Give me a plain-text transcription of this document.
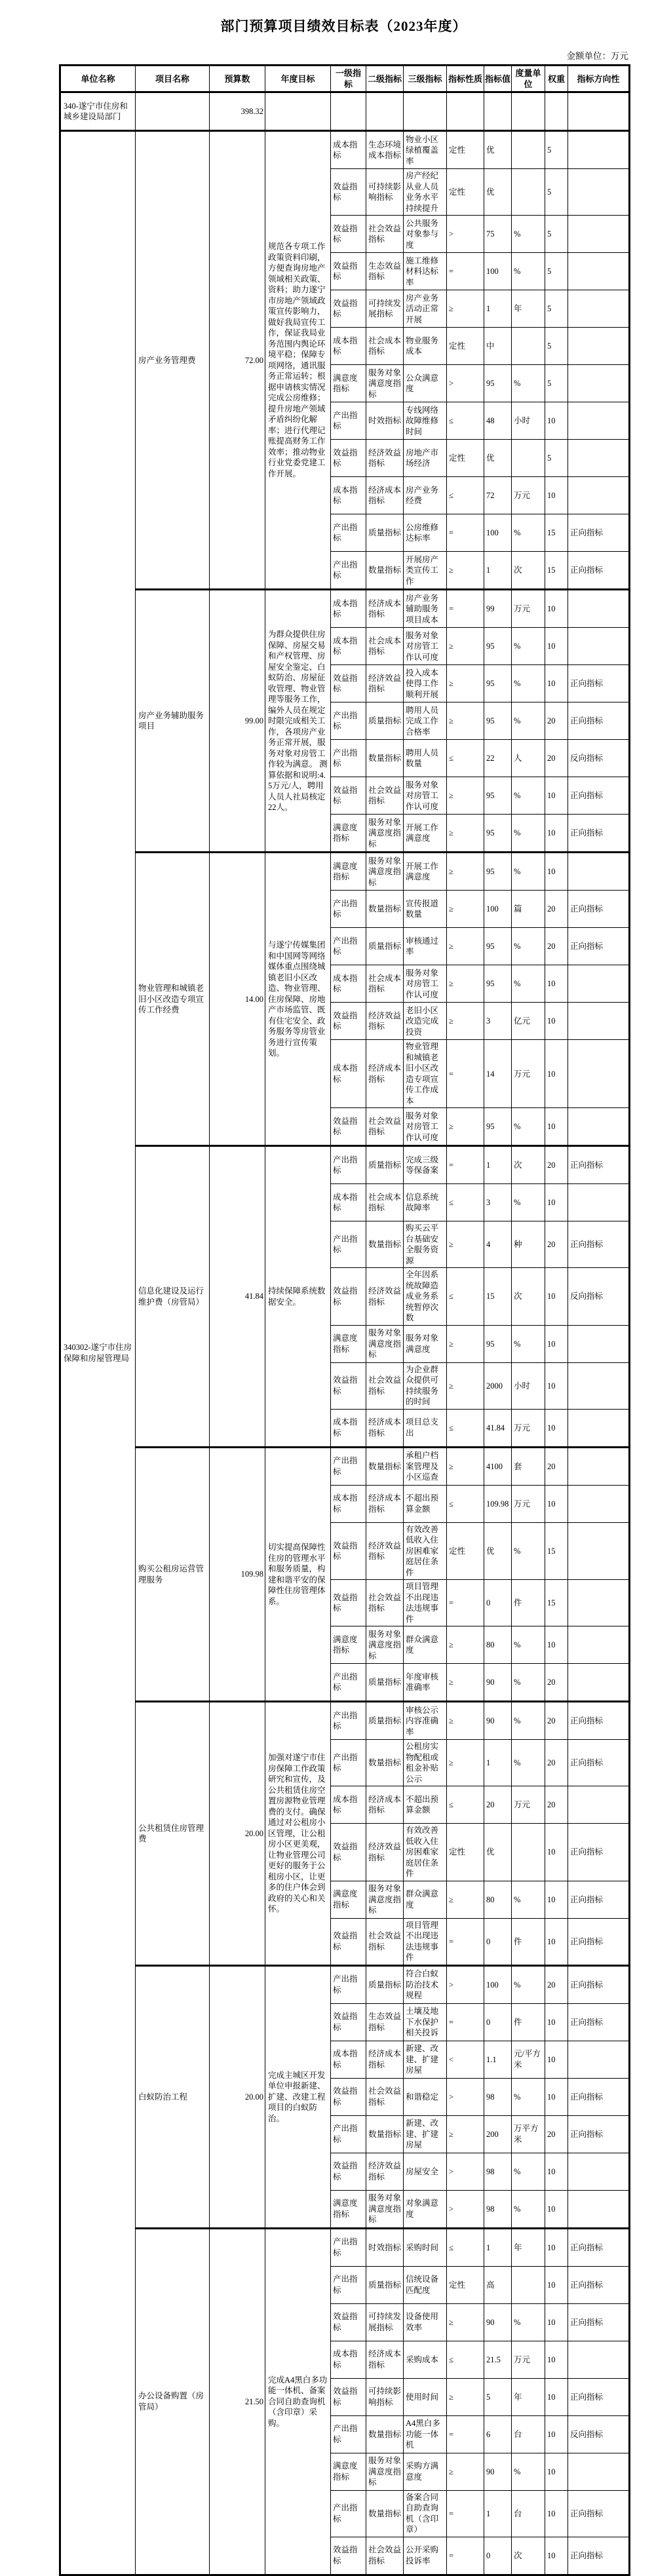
部门预算项目绩效目标表（2023年度）
金额单位：万元
单位名称	项目名称	预算数	年度目标	一级指标	二级指标	三级指标	指标性质	指标值	度量单位	权重	指标方向性
340-遂宁市住房和城乡建设局部门		398.32									
340302-遂宁市住房保障和房屋管理局	房产业务管理费	72.00	规范各专项工作政策资料印刷，方便查询房地产领域相关政策、资料；助力遂宁市房地产领域政策宣传影响力，做好我局宣传工作，保证我局业务范围内舆论环境平稳；保障专项网络，通讯服务正常运转；根据申请核实情况完成公房维修；提升房地产领域矛盾纠纷化解率；进行代理记账提高财务工作效率；推动物业行业党委党建工作开展。	成本指标	生态环境成本指标	物业小区绿植覆盖率	定性	优		5	
				效益指标	可持续影响指标	房产经纪从业人员业务水平持续提升	定性	优		5	
				效益指标	社会效益指标	公共服务对象参与度	>	75	%	5	
				效益指标	生态效益指标	施工维修材料达标率	=	100	%	5	
				效益指标	可持续发展指标	房产业务活动正常开展	≥	1	年	5	
				成本指标	社会成本指标	物业服务成本	定性	中		5	
				满意度指标	服务对象满意度指标	公众满意度	>	95	%	5	
				产出指标	时效指标	专线网络故障维修时间	≤	48	小时	10	
				效益指标	经济效益指标	房地产市场经济	定性	优		5	
				成本指标	经济成本指标	房产业务经费	≤	72	万元	10	
				产出指标	质量指标	公房维修达标率	=	100	%	15	正向指标
				产出指标	数量指标	开展房产类宣传工作	≥	1	次	15	正向指标
	房产业务辅助服务项目	99.00	为群众提供住房保障、房屋交易和产权管理、房屋安全鉴定、白蚁防治、房屋征收管理、物业管理等服务工作，编外人员在规定时限完成相关工作，各项房产业务正常开展，服务对象对房管工作较为满意。 测算依据和说明:4.5万元/人，聘用人员人社局核定22人。	成本指标	经济成本指标	房产业务辅助服务项目成本	=	99	万元	10	
				成本指标	社会成本指标	服务对象对房管工作认可度	≥	95	%	10	
				效益指标	经济效益指标	投入成本使得工作顺利开展	≥	95	%	10	正向指标
				产出指标	质量指标	聘用人员完成工作合格率	≥	95	%	20	正向指标
				产出指标	数量指标	聘用人员数量	≤	22	人	20	反向指标
				效益指标	社会效益指标	服务对象对房管工作认可度	≥	95	%	10	正向指标
				满意度指标	服务对象满意度指标	开展工作满意度	≥	95	%	10	正向指标
	物业管理和城镇老旧小区改造专项宣传工作经费	14.00	与遂宁传媒集团和中国网等网络媒体重点围绕城镇老旧小区改造、物业管理、住房保障、房地产市场监管、既有住宅安全、政务服务等房管业务进行宣传策划。	满意度指标	服务对象满意度指标	开展工作满意度	≥	95	%	10	
				产出指标	数量指标	宣传报道数量	≥	100	篇	20	正向指标
				产出指标	质量指标	审核通过率	≥	95	%	20	正向指标
				成本指标	社会成本指标	服务对象对房管工作认可度	≥	95	%	10	
				效益指标	经济效益指标	老旧小区改造完成投资	≥	3	亿元	10	
				成本指标	经济成本指标	物业管理和城镇老旧小区改造专项宣传工作成本	=	14	万元	10	
				效益指标	社会效益指标	服务对象对房管工作认可度	≥	95	%	10	
	信息化建设及运行维护费（房管局）	41.84	持续保障系统数据安全。	产出指标	质量指标	完成三级等保备案	=	1	次	20	正向指标
				成本指标	社会成本指标	信息系统故障率	≤	3	%	10	
				产出指标	数量指标	购买云平台基础安全服务资源	≥	4	种	20	正向指标
				效益指标	经济效益指标	全年因系统故障造成业务系统暂停次数	≤	15	次	10	反向指标
				满意度指标	服务对象满意度指标	服务对象满意度	≥	95	%	10	
				效益指标	社会效益指标	为企业群众提供可持续服务的时间	≥	2000	小时	10	
				成本指标	经济成本指标	项目总支出	≤	41.84	万元	10	
	购买公租房运营管理服务	109.98	切实提高保障性住房的管理水平和服务质量，构建和谐平安的保障性住房管理体系。	产出指标	数量指标	承租户档案管理及小区巡查	≥	4100	套	20	
				成本指标	经济成本指标	不超出预算金额	≤	109.98	万元	10	
				效益指标	经济效益指标	有效改善低收入住房困难家庭居住条件	定性	优	%	15	
				效益指标	社会效益指标	项目管理不出现违法违规事件	=	0	件	15	
				满意度指标	服务对象满意度指标	群众满意度	≥	80	%	10	
				产出指标	质量指标	年度审核准确率	≥	90	%	20	
	公共租赁住房管理费	20.00	加强对遂宁市住房保障工作政策研究和宣传，及公共租赁住房空置房源物业管理费的支付。确保通过对公租房小区管理，让公租房小区更美观，让物业管理公司更好的服务于公租房小区，让更多的住户体会到政府的关心和关怀。	产出指标	质量指标	审核公示内容准确率	≥	90	%	20	正向指标
				产出指标	数量指标	公租房实物配租或租金补贴公示	≥	1	%	20	正向指标
				成本指标	经济成本指标	不超出预算金额	≤	20	万元	20	
				效益指标	经济效益指标	有效改善低收入住房困难家庭居住条件	定性	优		10	正向指标
				满意度指标	服务对象满意度指标	群众满意度	≥	80	%	10	正向指标
				效益指标	社会效益指标	项目管理不出现违法违规事件	=	0	件	10	正向指标
	白蚁防治工程	20.00	完成主城区开发单位申报新建、扩建、改建工程项目的白蚁防治。	产出指标	质量指标	符合白蚁防治技术规程	>	100	%	20	正向指标
				效益指标	生态效益指标	土壤及地下水保护相关投诉	=	0	件	10	正向指标
				成本指标	经济成本指标	新建、改建、扩建房屋	<	1.1	元/平方米	10	
				效益指标	社会效益指标	和谐稳定	>	98	%	10	正向指标
				产出指标	数量指标	新建、改建、扩建房屋	≥	200	万平方米	20	正向指标
				效益指标	经济效益指标	房屋安全	>	98	%	10	
				满意度指标	服务对象满意度指标	对象满意度	>	98	%	10	
	办公设备购置（房管局）	21.50	完成A4黑白多功能一体机、备案合同自助查询机（含印章）采购。	产出指标	时效指标	采购时间	≤	1	年	10	正向指标
				产出指标	质量指标	信统设备匹配度	定性	高		10	正向指标
				效益指标	可持续发展指标	设备使用效率	≥	90	%	10	正向指标
				成本指标	经济成本指标	采购成本	≤	21.5	万元	10	
				效益指标	可持续影响指标	使用时间	≥	5	年	10	正向指标
				产出指标	数量指标	A4黑白多功能一体机	=	6	台	10	反向指标
				满意度指标	服务对象满意度指标	采购方满意度	≥	90	%	10	
				产出指标	数量指标	备案合同自助查询机（含印章）	=	1	台	10	正向指标
				效益指标	社会效益指标	公开采购投诉率	=	0	次	10	正向指标
